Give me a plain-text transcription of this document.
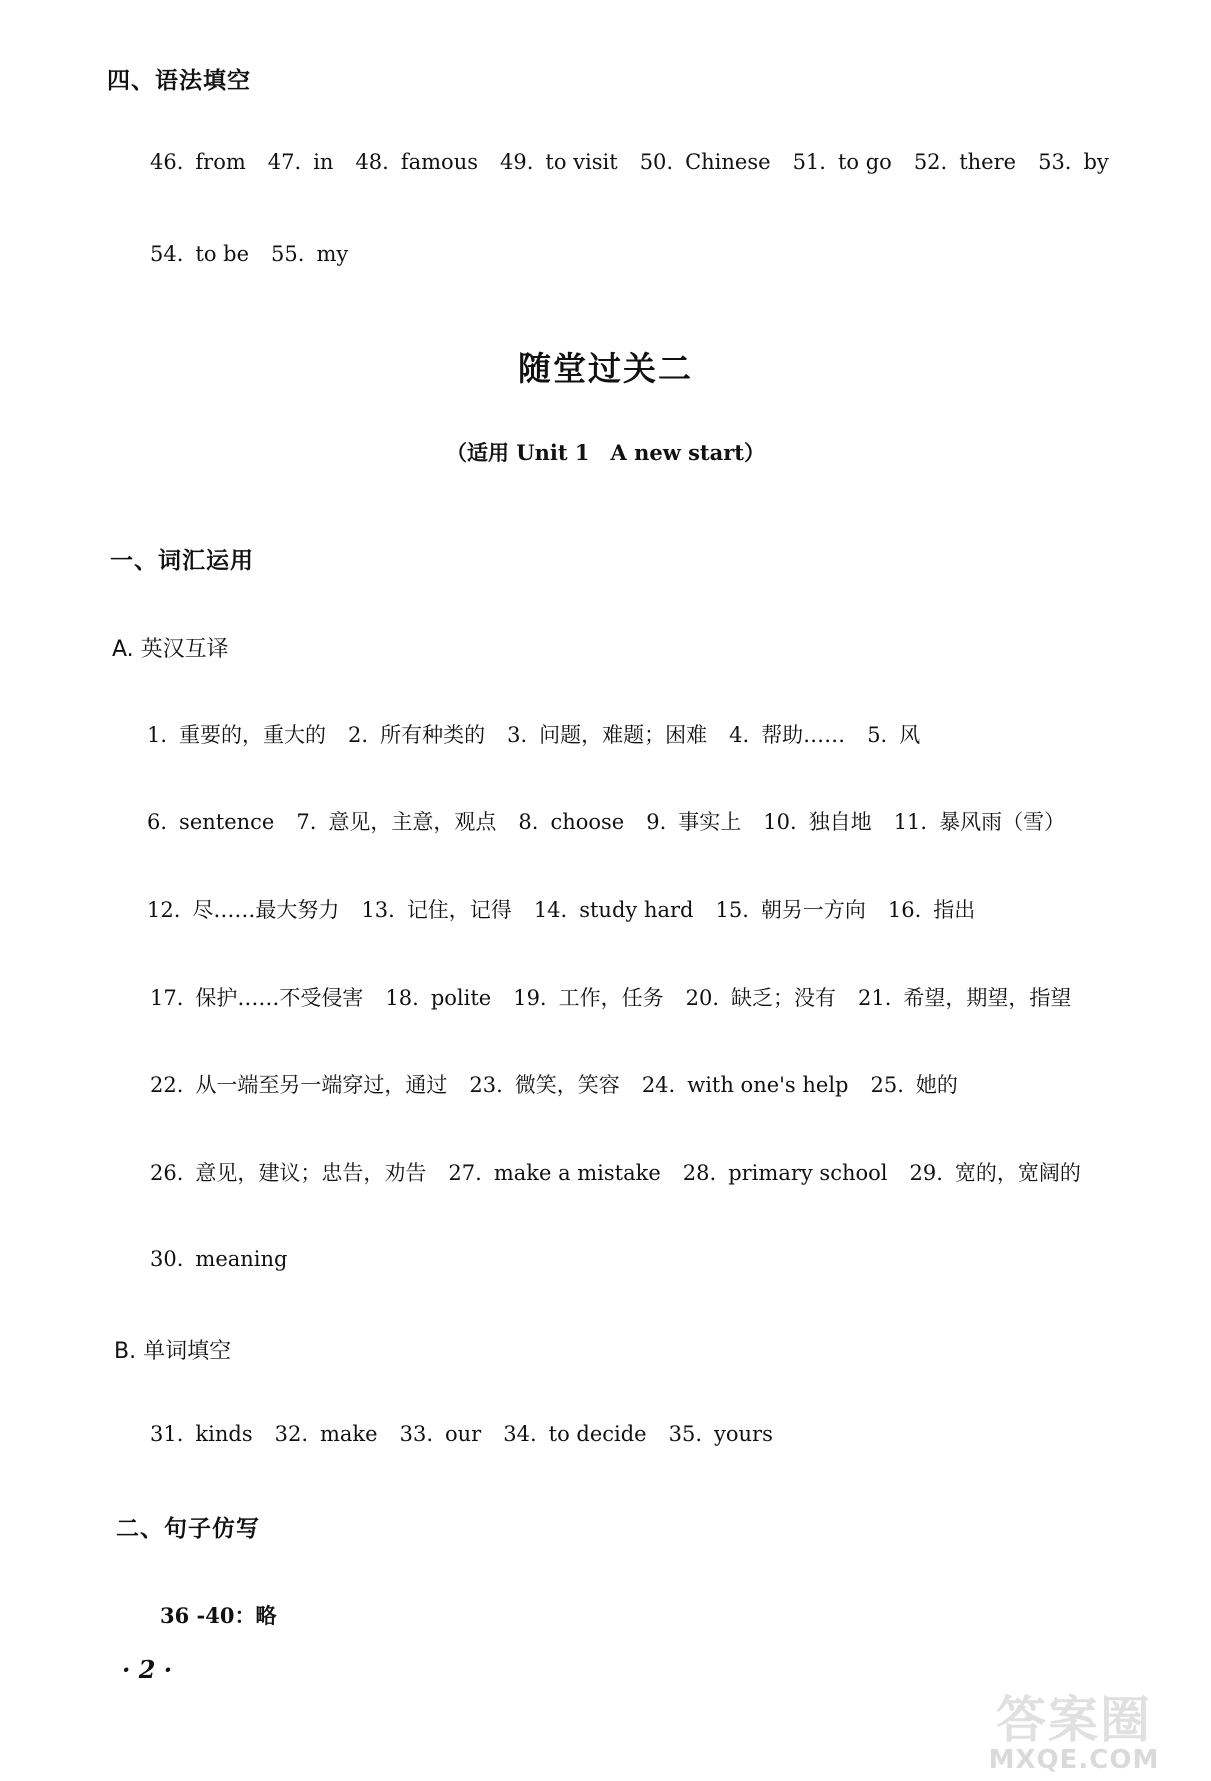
四、语法填空
46. from 47. in 48. famous 49. to visit 50. Chinese 51. to go 52. there 53. by
54. to be 55. my
随堂过关二
（适用 Unit 1　A new start）
一、词汇运用
A. 英汉互译
1. 重要的，重大的 2. 所有种类的 3. 问题，难题；困难 4. 帮助…… 5. 风
6. sentence 7. 意见，主意，观点 8. choose 9. 事实上 10. 独自地 11. 暴风雨（雪）
12. 尽……最大努力 13. 记住，记得 14. study hard 15. 朝另一方向 16. 指出
17. 保护……不受侵害 18. polite 19. 工作，任务 20. 缺乏；没有 21. 希望，期望，指望
22. 从一端至另一端穿过，通过 23. 微笑，笑容 24. with one's help 25. 她的
26. 意见，建议；忠告，劝告 27. make a mistake 28. primary school 29. 宽的，宽阔的
30. meaning
B. 单词填空
31. kinds 32. make 33. our 34. to decide 35. yours
二、句子仿写
36 -40：略
· 2 ·
答案圈
MXQE.COM
